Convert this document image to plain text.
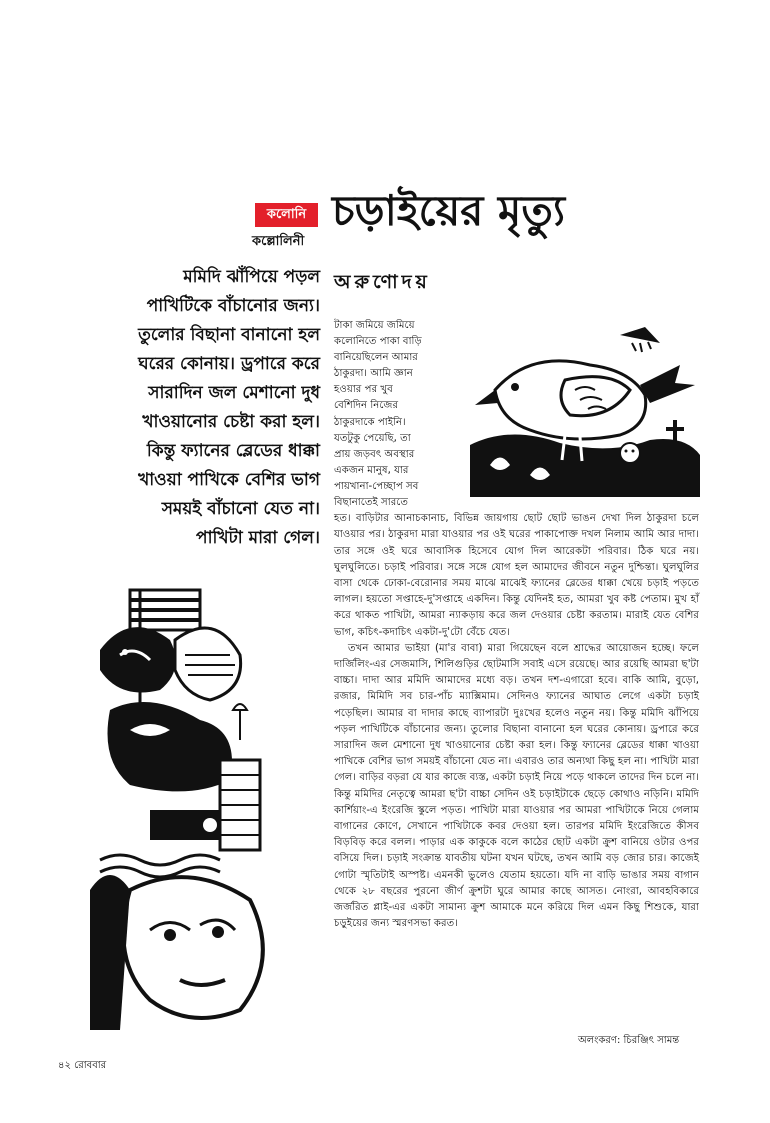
কলোনি
কল্লোলিনী
চড়াইয়ের মৃত্যু
মমিদি ঝাঁপিয়ে পড়ল
পাখিটিকে বাঁচানোর জন্য।
তুলোর বিছানা বানানো হল
ঘরের কোনায়। ড্রপারে করে
সারাদিন জল মেশানো দুধ
খাওয়ানোর চেষ্টা করা হল।
কিন্তু ফ্যানের ব্লেডের ধাক্কা
খাওয়া পাখিকে বেশির ভাগ
সময়ই বাঁচানো যেত না।
পাখিটা মারা গেল।
অরুণোদয়
টাকা জমিয়ে জমিয়ে
কলোনিতে পাকা বাড়ি
বানিয়েছিলেন আমার
ঠাকুরদা। আমি জ্ঞান
হওয়ার পর খুব
বেশিদিন নিজের
ঠাকুরদাকে পাইনি।
যতটুকু পেয়েছি, তা
প্রায় জড়বৎ অবস্থার
একজন মানুষ, যার
পায়খানা-পেচ্ছাপ সব
বিছানাতেই সারতে

হত। বাড়িটার আনাচকানাচ, বিভিন্ন জায়গায় ছোট ছোট ভাঙন দেখা দিল ঠাকুরদা চলে যাওয়ার পর। ঠাকুরদা মারা যাওয়ার পর ওই ঘরের পাকাপোক্ত দখল নিলাম আমি আর দাদা। তার সঙ্গে ওই ঘরে আবাসিক হিসেবে যোগ দিল আরেকটা পরিবার। ঠিক ঘরে নয়। ঘুলঘুলিতে। চড়াই পরিবার। সঙ্গে সঙ্গে যোগ হল আমাদের জীবনে নতুন দুশ্চিন্তা। ঘুলঘুলির বাসা থেকে ঢোকা-বেরোনার সময় মাঝে মাঝেই ফ্যানের ব্লেডের ধাক্কা খেয়ে চড়াই পড়তে লাগল। হয়তো সপ্তাহে-দু'সপ্তাহে একদিন। কিন্তু যেদিনই হত, আমরা খুব কষ্ট পেতাম। মুখ হাঁ করে থাকত পাখিটা, আমরা ন্যাকড়ায় করে জল দেওয়ার চেষ্টা করতাম। মারাই যেত বেশির ভাগ, কচিৎ-কদাচিৎ একটা-দু'টো বেঁচে যেত।

তখন আমার ভাইয়া (মা'র বাবা) মারা গিয়েছেন বলে শ্রাদ্ধের আয়োজন হচ্ছে। ফলে দার্জিলিং-এর সেজমাসি, শিলিগুড়ির ছোটমাসি সবাই এসে রয়েছে। আর রয়েছি আমরা ছ'টা বাচ্চা। দাদা আর মমিদি আমাদের মধ্যে বড়। তখন দশ-এগারো হবে। বাকি আমি, বুড়ো, রজার, মিমিদি সব চার-পাঁচ ম্যাক্সিমাম। সেদিনও ফ্যানের আঘাত লেগে একটা চড়াই পড়েছিল। আমার বা দাদার কাছে ব্যাপারটা দুঃখের হলেও নতুন নয়। কিন্তু মমিদি ঝাঁপিয়ে পড়ল পাখিটিকে বাঁচানোর জন্য। তুলোর বিছানা বানানো হল ঘরের কোনায়। ড্রপারে করে সারাদিন জল মেশানো দুধ খাওয়ানোর চেষ্টা করা হল। কিন্তু ফ্যানের ব্লেডের ধাক্কা খাওয়া পাখিকে বেশির ভাগ সময়ই বাঁচানো যেত না। এবারও তার অন্যথা কিছু হল না। পাখিটা মারা গেল। বাড়ির বড়রা যে যার কাজে ব্যস্ত, একটা চড়াই নিয়ে পড়ে থাকলে তাদের দিন চলে না। কিন্তু মমিদির নেতৃত্বে আমরা ছ'টা বাচ্চা সেদিন ওই চড়াইটাকে ছেড়ে কোথাও নড়িনি। মমিদি কার্শিয়াং-এ ইংরেজি স্কুলে পড়ত। পাখিটা মারা যাওয়ার পর আমরা পাখিটাকে নিয়ে গেলাম বাগানের কোণে, সেখানে পাখিটাকে কবর দেওয়া হল। তারপর মমিদি ইংরেজিতে কীসব বিড়বিড় করে বলল। পাড়ার এক কাকুকে বলে কাঠের ছোট একটা ক্রুশ বানিয়ে ওটার ওপর বসিয়ে দিল। চড়াই সংক্রান্ত যাবতীয় ঘটনা যখন ঘটছে, তখন আমি বড় জোর চার। কাজেই গোটা স্মৃতিটাই অস্পষ্ট। এমনকী ভুলেও যেতাম হয়তো। যদি না বাড়ি ভাঙার সময় বাগান থেকে ২৮ বছরের পুরনো জীর্ণ ক্রুশটা ঘুরে আমার কাছে আসত। নোংরা, আবহবিকারে জর্জরিত প্লাই-এর একটা সামান্য ক্রুশ আমাকে মনে করিয়ে দিল এমন কিছু শিশুকে, যারা চড়ুইয়ের জন্য স্মরণসভা করত।

অলংকরণ: চিরঞ্জিৎ সামন্ত
৪২ রোববার
